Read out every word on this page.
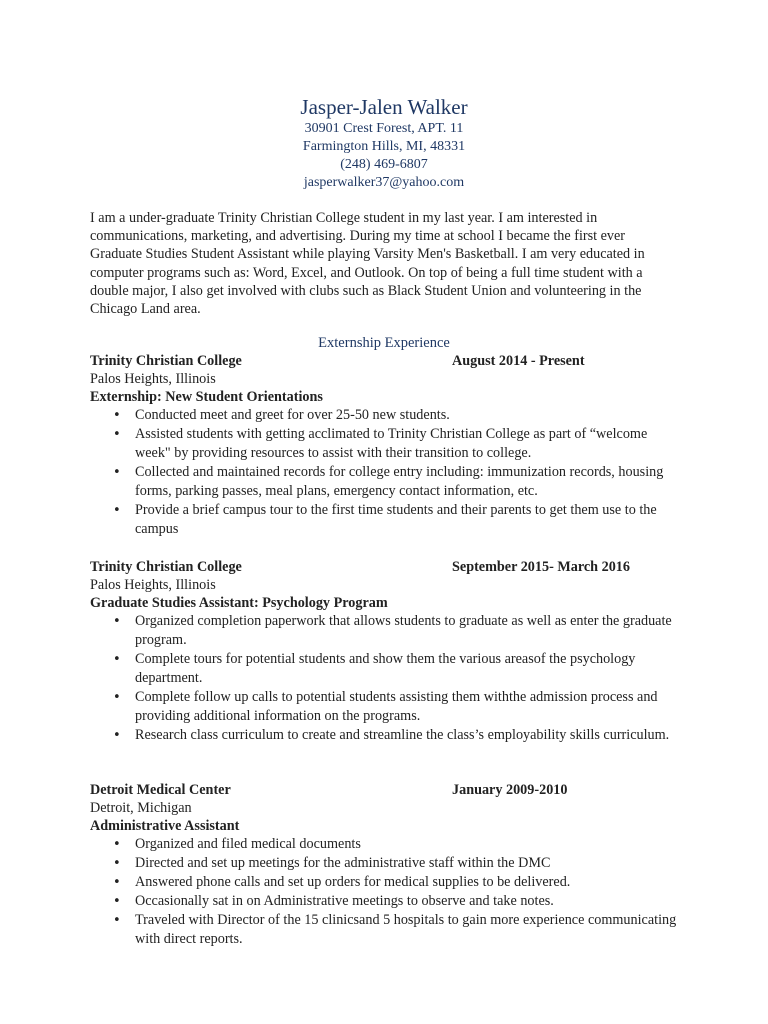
Jasper-Jalen Walker
30901 Crest Forest, APT. 11
Farmington Hills, MI, 48331
(248) 469-6807
jasperwalker37@yahoo.com

I am a under-graduate Trinity Christian College student in my last year. I am interested in communications, marketing, and advertising. During my time at school I became the first ever Graduate Studies Student Assistant while playing Varsity Men's Basketball. I am very educated in computer programs such as: Word, Excel, and Outlook. On top of being a full time student with a double major, I also get involved with clubs such as Black Student Union and volunteering in the Chicago Land area.

Externship Experience
Trinity Christian College	August 2014 - Present
Palos Heights, Illinois
Externship: New Student Orientations
• Conducted meet and greet for over 25-50 new students.
• Assisted students with getting acclimated to Trinity Christian College as part of “welcome week" by providing resources to assist with their transition to college.
• Collected and maintained records for college entry including: immunization records, housing forms, parking passes, meal plans, emergency contact information, etc.
• Provide a brief campus tour to the first time students and their parents to get them use to the campus
Trinity Christian College	September 2015- March 2016
Palos Heights, Illinois
Graduate Studies Assistant: Psychology Program
• Organized completion paperwork that allows students to graduate as well as enter the graduate program.
• Complete tours for potential students and show them the various areasof the psychology department.
• Complete follow up calls to potential students assisting them withthe admission process and providing additional information on the programs.
• Research class curriculum to create and streamline the class’s employability skills curriculum.
Detroit Medical Center	January 2009-2010
Detroit, Michigan
Administrative Assistant
• Organized and filed medical documents
• Directed and set up meetings for the administrative staff within the DMC
• Answered phone calls and set up orders for medical supplies to be delivered.
• Occasionally sat in on Administrative meetings to observe and take notes.
• Traveled with Director of the 15 clinicsand 5 hospitals to gain more experience communicating with direct reports.
